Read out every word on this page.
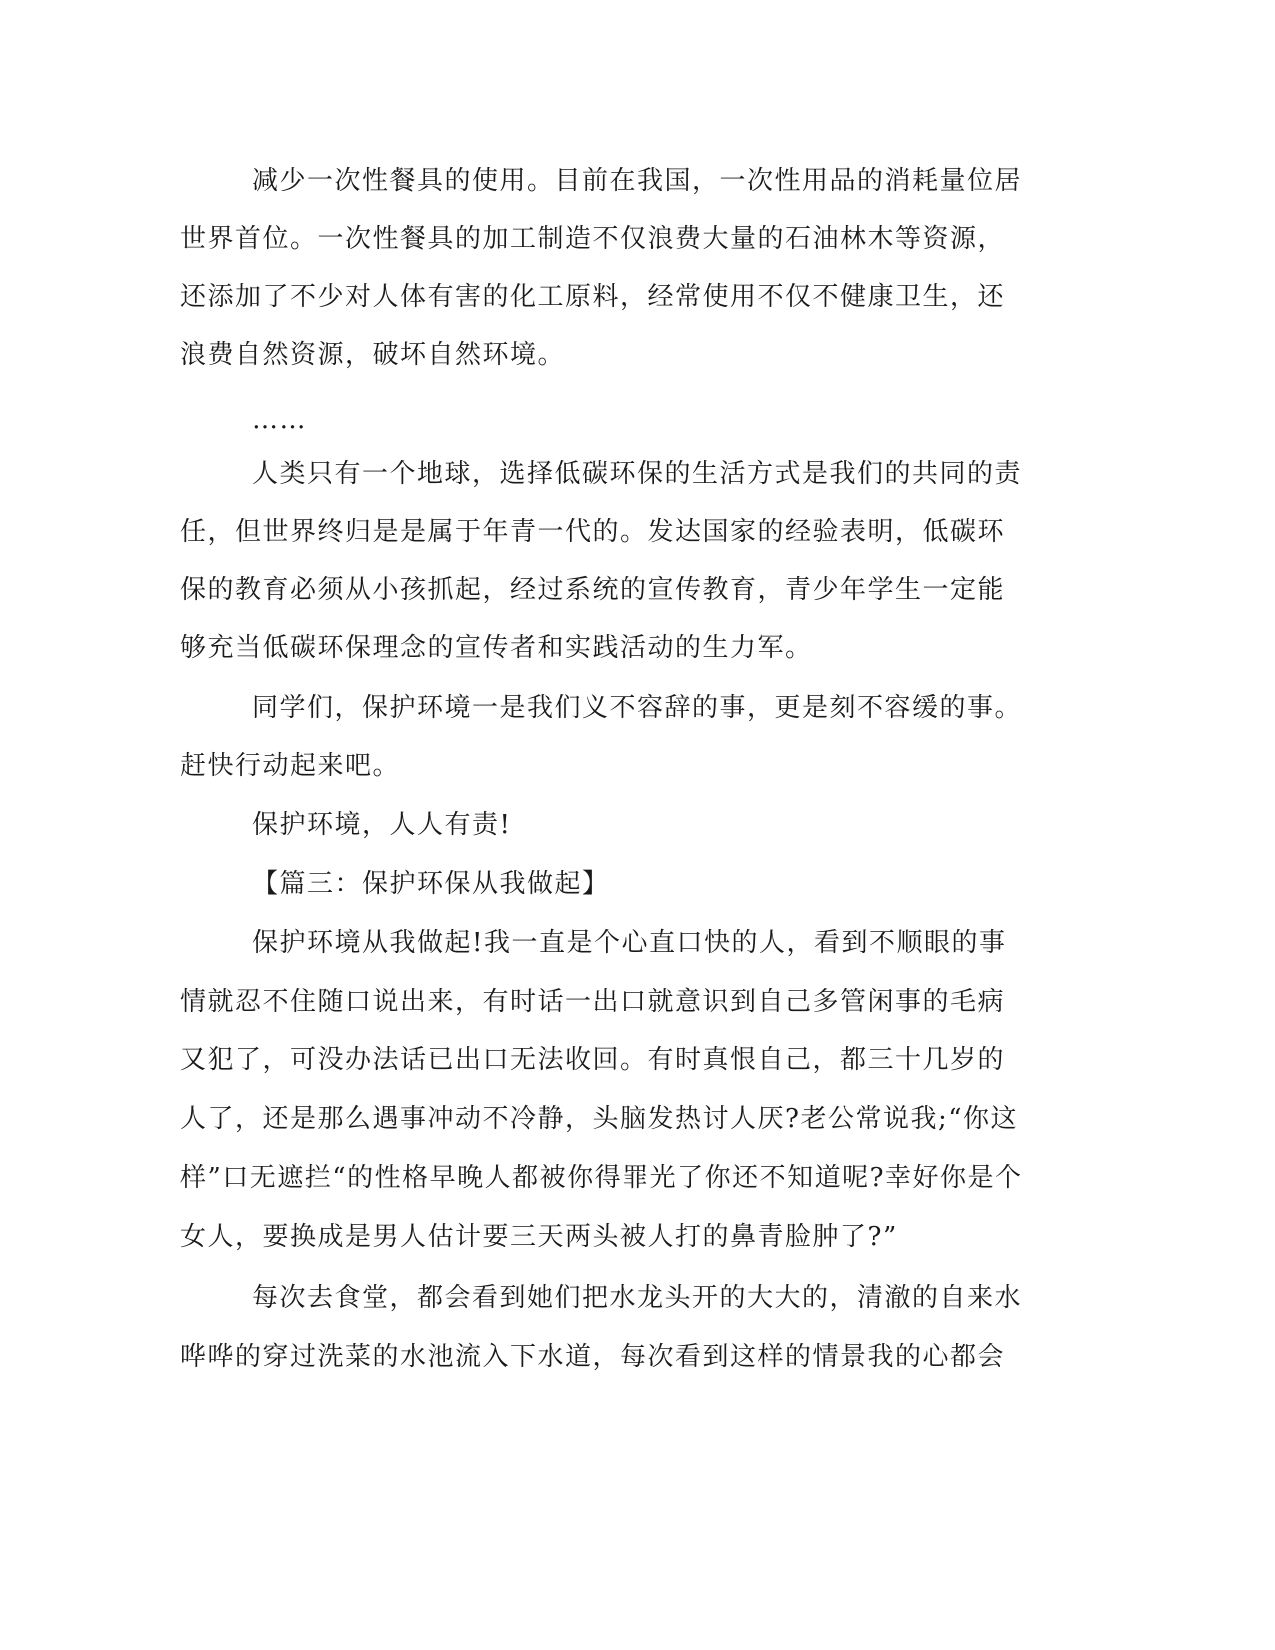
减少一次性餐具的使用。目前在我国，一次性用品的消耗量位居
世界首位。一次性餐具的加工制造不仅浪费大量的石油林木等资源，
还添加了不少对人体有害的化工原料，经常使用不仅不健康卫生，还
浪费自然资源，破坏自然环境。
……
人类只有一个地球，选择低碳环保的生活方式是我们的共同的责
任，但世界终归是是属于年青一代的。发达国家的经验表明，低碳环
保的教育必须从小孩抓起，经过系统的宣传教育，青少年学生一定能
够充当低碳环保理念的宣传者和实践活动的生力军。
同学们，保护环境一是我们义不容辞的事，更是刻不容缓的事。
赶快行动起来吧。
保护环境，人人有责!
【篇三：保护环保从我做起】
保护环境从我做起!我一直是个心直口快的人，看到不顺眼的事
情就忍不住随口说出来，有时话一出口就意识到自己多管闲事的毛病
又犯了，可没办法话已出口无法收回。有时真恨自己，都三十几岁的
人了，还是那么遇事冲动不冷静，头脑发热讨人厌?老公常说我;“你这
样”口无遮拦“的性格早晚人都被你得罪光了你还不知道呢?幸好你是个
女人，要换成是男人估计要三天两头被人打的鼻青脸肿了?”
每次去食堂，都会看到她们把水龙头开的大大的，清澈的自来水
哗哗的穿过洗菜的水池流入下水道，每次看到这样的情景我的心都会
